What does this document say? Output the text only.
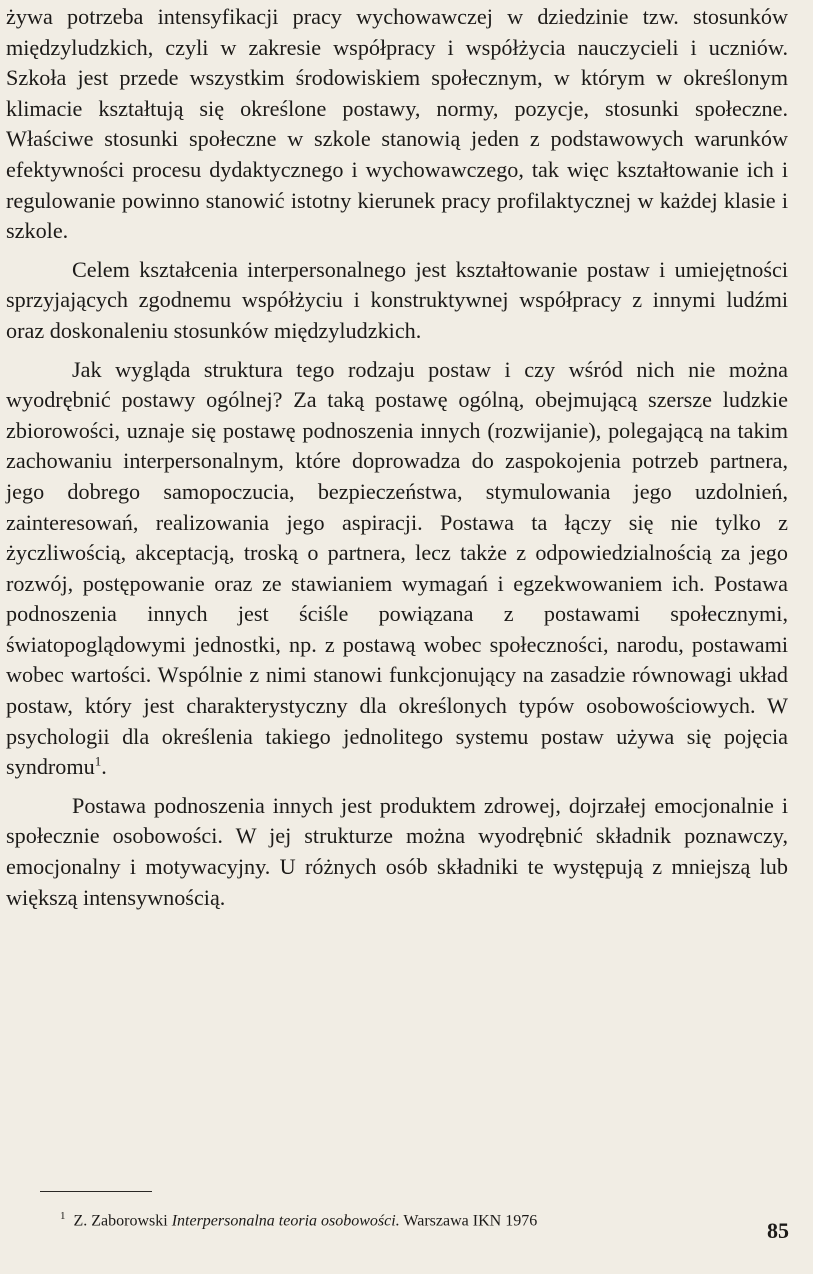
żywa potrzeba intensyfikacji pracy wychowawczej w dziedzinie tzw. stosunków międzyludzkich, czyli w zakresie współpracy i współżycia nauczycieli i uczniów. Szkoła jest przede wszystkim środowiskiem społecznym, w którym w określonym klimacie kształtują się określone postawy, normy, pozycje, stosunki społeczne. Właściwe stosunki społeczne w szkole stanowią jeden z podstawowych warunków efektywności procesu dydaktycznego i wychowawczego, tak więc kształtowanie ich i regulowanie powinno stanowić istotny kierunek pracy profilaktycznej w każdej klasie i szkole.

Celem kształcenia interpersonalnego jest kształtowanie postaw i umiejętności sprzyjających zgodnemu współżyciu i konstruktywnej współpracy z innymi ludźmi oraz doskonaleniu stosunków międzyludzkich.

Jak wygląda struktura tego rodzaju postaw i czy wśród nich nie można wyodrębnić postawy ogólnej? Za taką postawę ogólną, obejmującą szersze ludzkie zbiorowości, uznaje się postawę podnoszenia innych (rozwijanie), polegającą na takim zachowaniu interpersonalnym, które doprowadza do zaspokojenia potrzeb partnera, jego dobrego samopoczucia, bezpieczeństwa, stymulowania jego uzdolnień, zainteresowań, realizowania jego aspiracji. Postawa ta łączy się nie tylko z życzliwością, akceptacją, troską o partnera, lecz także z odpowiedzialnością za jego rozwój, postępowanie oraz ze stawianiem wymagań i egzekwowaniem ich. Postawa podnoszenia innych jest ściśle powiązana z postawami społecznymi, światopoglądowymi jednostki, np. z postawą wobec społeczności, narodu, postawami wobec wartości. Wspólnie z nimi stanowi funkcjonujący na zasadzie równowagi układ postaw, który jest charakterystyczny dla określonych typów osobowościowych. W psychologii dla określenia takiego jednolitego systemu postaw używa się pojęcia syndromu$^1$.

Postawa podnoszenia innych jest produktem zdrowej, dojrzałej emocjonalnie i społecznie osobowości. W jej strukturze można wyodrębnić składnik poznawczy, emocjonalny i motywacyjny. U różnych osób składniki te występują z mniejszą lub większą intensywnością.

$^1$ Z. Zaborowski Interpersonalna teoria osobowości. Warszawa IKN 1976	85
